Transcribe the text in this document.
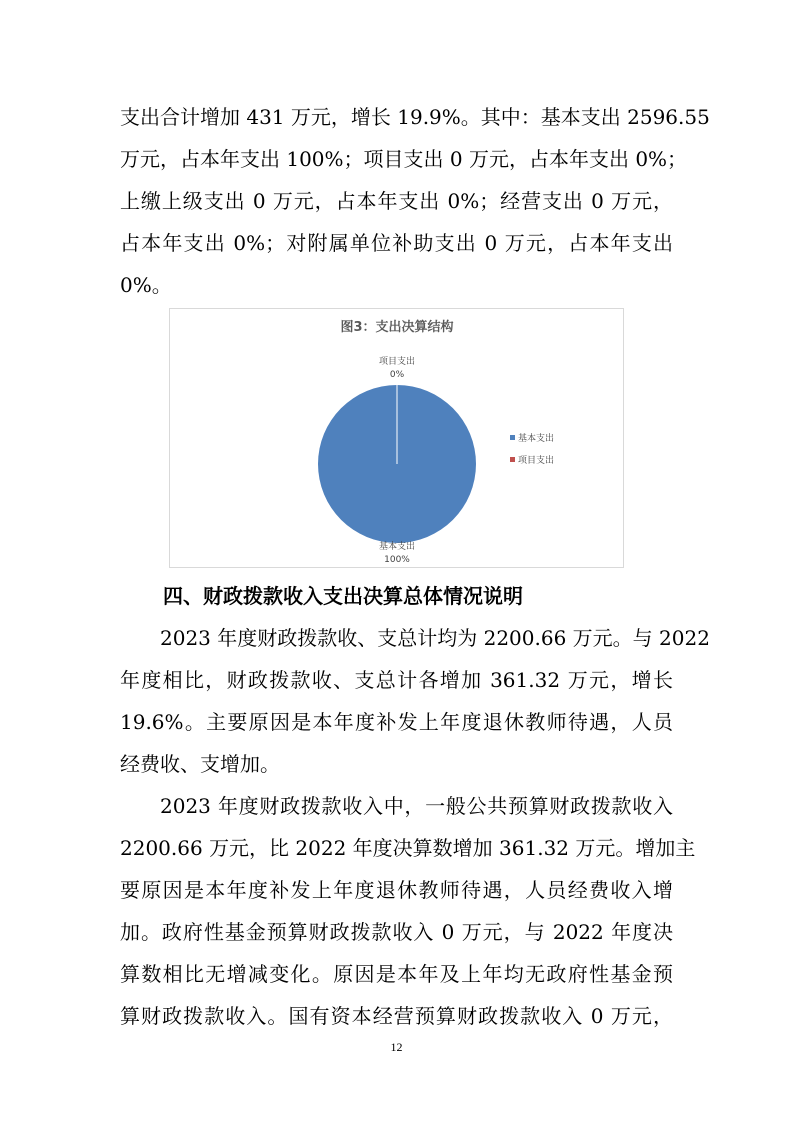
支出合计增加 431 万元，增长 19.9%。其中：基本支出 2596.55
万元，占本年支出 100%；项目支出 0 万元，占本年支出 0%；
上缴上级支出 0 万元，占本年支出 0%；经营支出 0 万元，
占本年支出 0%；对附属单位补助支出 0 万元，占本年支出
0%。
图3：支出决算结构
项目支出
0%
基本支出
100%
基本支出
项目支出
四、财政拨款收入支出决算总体情况说明
2023 年度财政拨款收、支总计均为 2200.66 万元。与 2022
年度相比，财政拨款收、支总计各增加 361.32 万元，增长
19.6%。主要原因是本年度补发上年度退休教师待遇，人员
经费收、支增加。
2023 年度财政拨款收入中，一般公共预算财政拨款收入
2200.66 万元，比 2022 年度决算数增加 361.32 万元。增加主
要原因是本年度补发上年度退休教师待遇，人员经费收入增
加。政府性基金预算财政拨款收入 0 万元，与 2022 年度决
算数相比无增减变化。原因是本年及上年均无政府性基金预
算财政拨款收入。国有资本经营预算财政拨款收入 0 万元，
12
